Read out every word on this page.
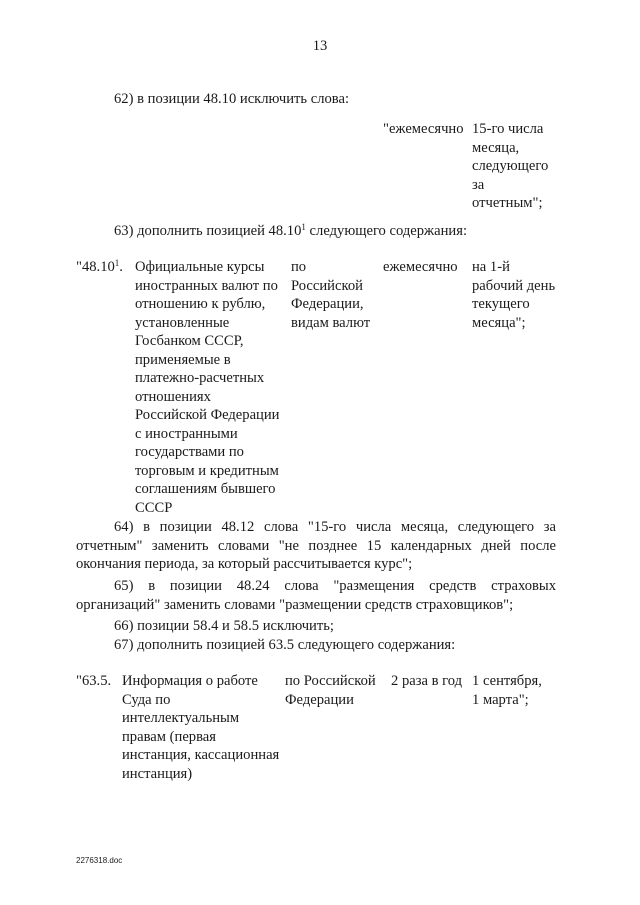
13
62) в позиции 48.10 исключить слова:
"ежемесячно 15-го числа
месяца,
следующего
за
отчетным";
63) дополнить позицией 48.10$^1$ следующего содержания:
"48.10$^1$. Официальные курсы
иностранных валют по
отношению к рублю,
установленные
Госбанком СССР,
применяемые в
платежно-расчетных
отношениях
Российской Федерации
с иностранными
государствами по
торговым и кредитным
соглашениям бывшего
СССР
по
Российской
Федерации,
видам валют
ежемесячно на 1-й
рабочий день
текущего
месяца";
64) в позиции 48.12 слова "15-го числа месяца, следующего за
отчетным" заменить словами "не позднее 15 календарных дней после
окончания периода, за который рассчитывается курс";
65) в позиции 48.24 слова "размещения средств страховых
организаций" заменить словами "размещении средств страховщиков";
66) позиции 58.4 и 58.5 исключить;
67) дополнить позицией 63.5 следующего содержания:
"63.5. Информация о работе
Суда по
интеллектуальным
правам (первая
инстанция, кассационная
инстанция)
по Российской
Федерации
2 раза в год 1 сентября,
1 марта";
2276318.doc
